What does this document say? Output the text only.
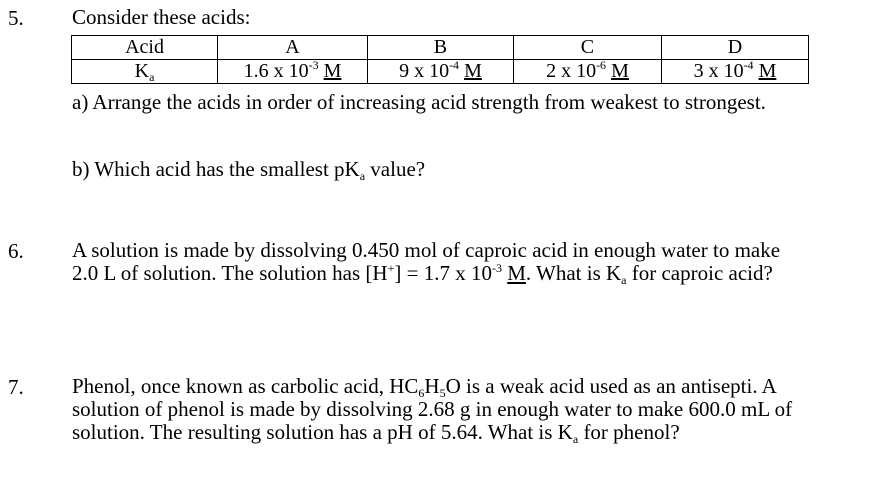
5. Consider these acids:
Acid	A	B	C	D
$K_a$	1.6 x $10^{-3}$ M	9 x $10^{-4}$ M	2 x $10^{-6}$ M	3 x $10^{-4}$ M
a) Arrange the acids in order of increasing acid strength from weakest to strongest.
b) Which acid has the smallest $pK_a$ value?
6. A solution is made by dissolving 0.450 mol of caproic acid in enough water to make
2.0 L of solution. The solution has [H+] = 1.7 x $10^{-3}$ M. What is $K_a$ for caproic acid?
7. Phenol, once known as carbolic acid, $HC_6H_5O$ is a weak acid used as an antisepti. A
solution of phenol is made by dissolving 2.68 g in enough water to make 600.0 mL of
solution. The resulting solution has a pH of 5.64. What is $K_a$ for phenol?
